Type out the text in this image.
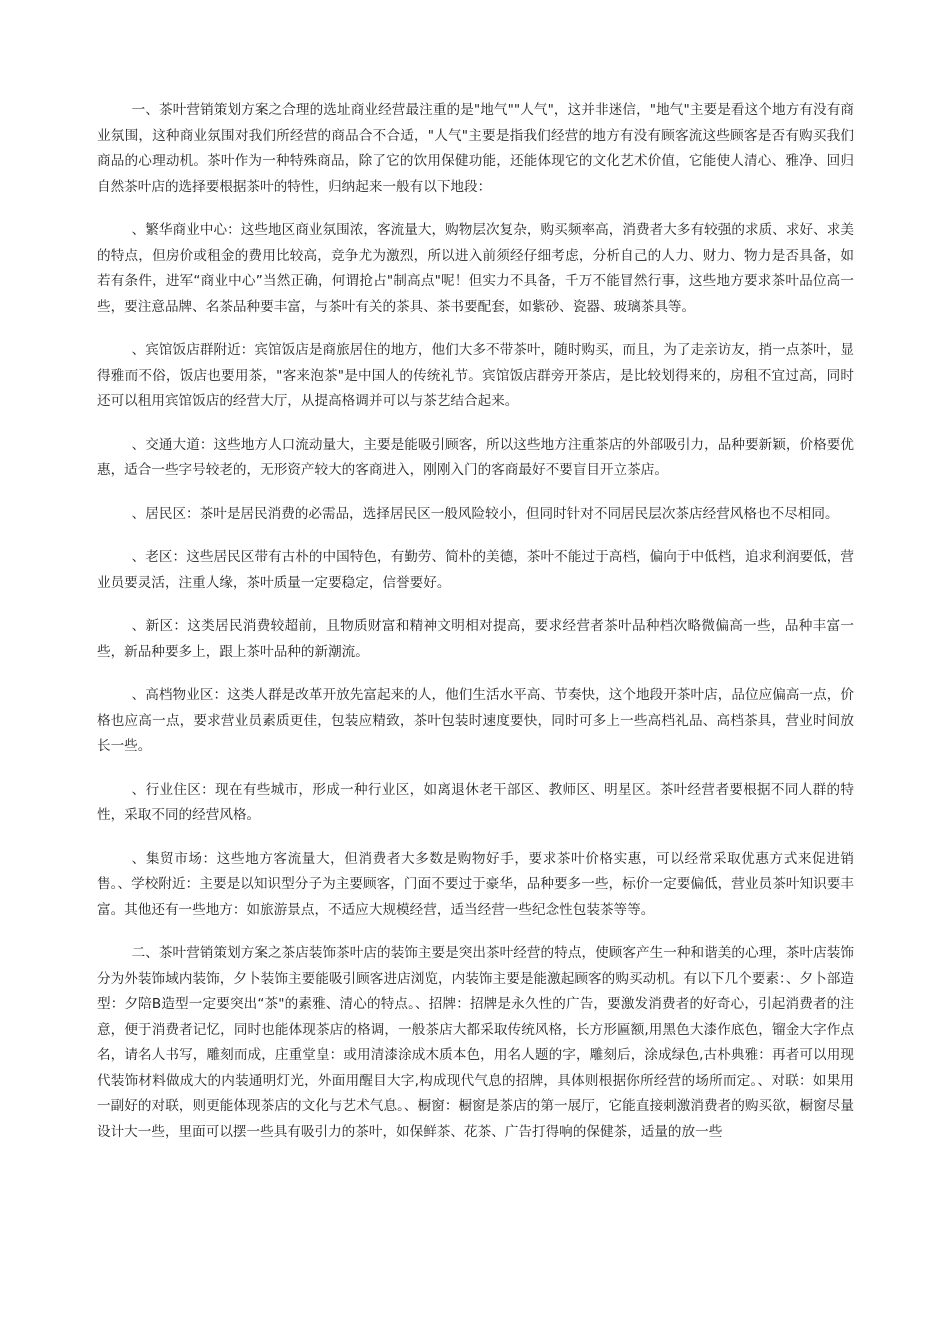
一、茶叶营销策划方案之合理的选址商业经营最注重的是"地气""人气"，这并非迷信，"地气"主要是看这个地方有没有商业氛围，这种商业氛围对我们所经营的商品合不合适，"人气"主要是指我们经营的地方有没有顾客流这些顾客是否有购买我们商品的心理动机。茶叶作为一种特殊商品，除了它的饮用保健功能，还能体现它的文化艺术价值，它能使人清心、雅净、回归自然茶叶店的选择要根据茶叶的特性，归纳起来一般有以下地段：

、繁华商业中心：这些地区商业氛围浓，客流量大，购物层次复杂，购买频率高，消费者大多有较强的求质、求好、求美的特点，但房价或租金的费用比较高，竞争尤为激烈，所以进入前须经仔细考虑，分析自己的人力、财力、物力是否具备，如若有条件，进军“商业中心”当然正确，何谓抢占"制高点"呢！但实力不具备，千万不能冒然行事，这些地方要求茶叶品位高一些，要注意品牌、名茶品种要丰富，与茶叶有关的茶具、茶书要配套，如紫砂、瓷器、玻璃茶具等。

、宾馆饭店群附近：宾馆饭店是商旅居住的地方，他们大多不带茶叶，随时购买，而且，为了走亲访友，捎一点茶叶，显得雅而不俗，饭店也要用茶，"客来泡茶"是中国人的传统礼节。宾馆饭店群旁开茶店，是比较划得来的，房租不宜过高，同时还可以租用宾馆饭店的经营大厅，从提高格调并可以与茶艺结合起来。

、交通大道：这些地方人口流动量大，主要是能吸引顾客，所以这些地方注重茶店的外部吸引力，品种要新颖，价格要优惠，适合一些字号较老的，无形资产较大的客商进入，刚刚入门的客商最好不要盲目开立茶店。

、居民区：茶叶是居民消费的必需品，选择居民区一般风险较小，但同时针对不同居民层次茶店经营风格也不尽相同。

、老区：这些居民区带有古朴的中国特色，有勤劳、简朴的美德，茶叶不能过于高档，偏向于中低档，追求利润要低，营业员要灵活，注重人缘，茶叶质量一定要稳定，信誉要好。

、新区：这类居民消费较超前，且物质财富和精神文明相对提高，要求经营者茶叶品种档次略微偏高一些，品种丰富一些，新品种要多上，跟上茶叶品种的新潮流。

、高档物业区：这类人群是改革开放先富起来的人，他们生活水平高、节奏快，这个地段开茶叶店，品位应偏高一点，价格也应高一点，要求营业员素质更佳，包装应精致，茶叶包装时速度要快，同时可多上一些高档礼品、高档茶具，营业时间放长一些。

、行业住区：现在有些城市，形成一种行业区，如离退休老干部区、教师区、明星区。茶叶经营者要根据不同人群的特性，采取不同的经营风格。

、集贸市场：这些地方客流量大，但消费者大多数是购物好手，要求茶叶价格实惠，可以经常采取优惠方式来促进销售。、学校附近：主要是以知识型分子为主要顾客，门面不要过于豪华，品种要多一些，标价一定要偏低，营业员茶叶知识要丰富。其他还有一些地方：如旅游景点，不适应大规模经营，适当经营一些纪念性包装茶等等。

二、茶叶营销策划方案之茶店装饰茶叶店的装饰主要是突出茶叶经营的特点，使顾客产生一种和谐美的心理，茶叶店装饰分为外装饰域内装饰，夕卜装饰主要能吸引顾客进店浏览，内装饰主要是能激起顾客的购买动机。有以下几个要素：、夕卜部造型：夕陪B造型一定要突出“茶"的素雅、清心的特点。、招牌：招牌是永久性的广告，要激发消费者的好奇心，引起消费者的注意，便于消费者记忆，同时也能体现茶店的格调，一般茶店大都采取传统风格，长方形匾额,用黑色大漆作底色，镏金大字作点名，请名人书写，雕刻而成，庄重堂皇：或用清漆涂成木质本色，用名人题的字，雕刻后，涂成绿色,古朴典雅：再者可以用现代装饰材料做成大的内装通明灯光，外面用醒目大字,构成现代气息的招牌，具体则根据你所经营的场所而定。、对联：如果用一副好的对联，则更能体现茶店的文化与艺术气息。、橱窗：橱窗是茶店的第一展厅，它能直接刺激消费者的购买欲，橱窗尽量设计大一些，里面可以摆一些具有吸引力的茶叶，如保鲜茶、花茶、广告打得响的保健茶，适量的放一些
